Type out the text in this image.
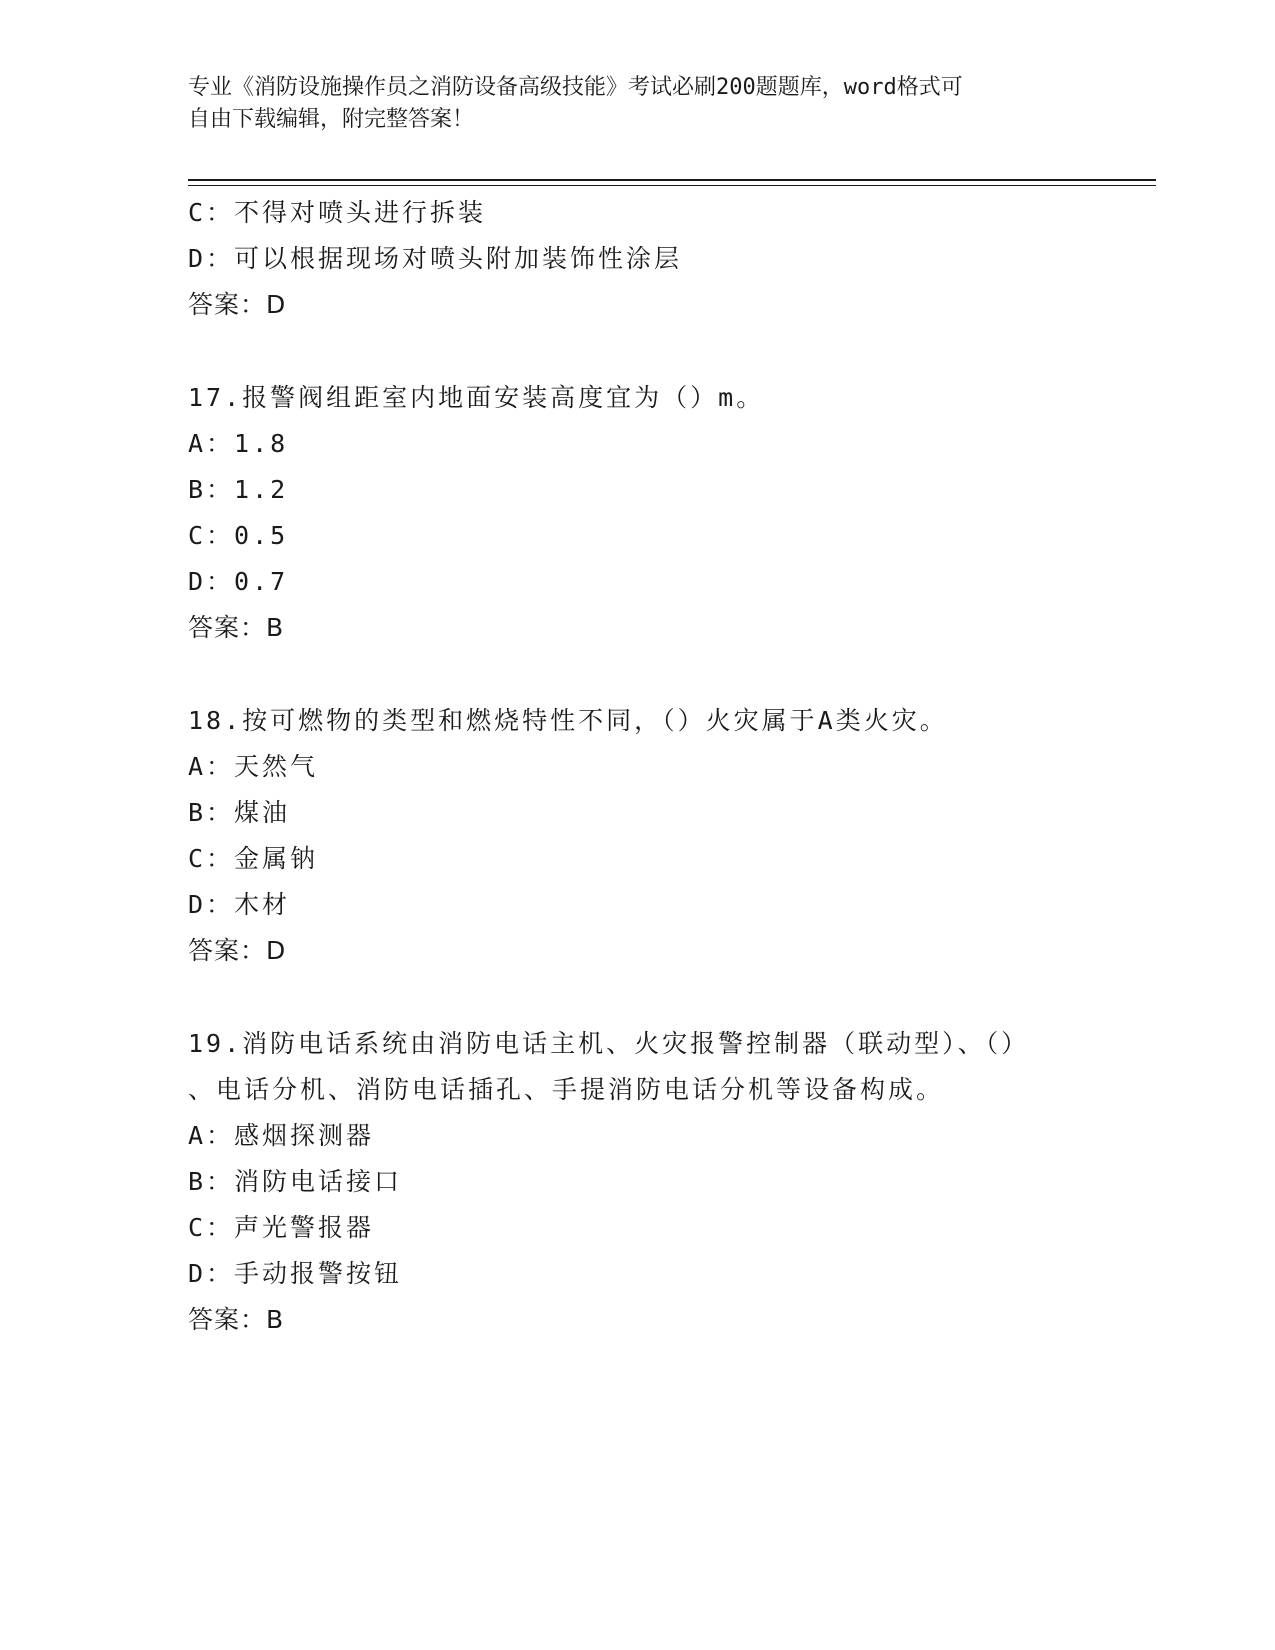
专业《消防设施操作员之消防设备高级技能》考试必刷200题题库，word格式可
自由下载编辑，附完整答案！
C：不得对喷头进行拆装
D：可以根据现场对喷头附加装饰性涂层
答案：D
17.报警阀组距室内地面安装高度宜为（）m。
A：1.8
B：1.2
C：0.5
D：0.7
答案：B
18.按可燃物的类型和燃烧特性不同，（）火灾属于A类火灾。
A：天然气
B：煤油
C：金属钠
D：木材
答案：D
19.消防电话系统由消防电话主机、火灾报警控制器（联动型）、（）
、电话分机、消防电话插孔、手提消防电话分机等设备构成。
A：感烟探测器
B：消防电话接口
C：声光警报器
D：手动报警按钮
答案：B
